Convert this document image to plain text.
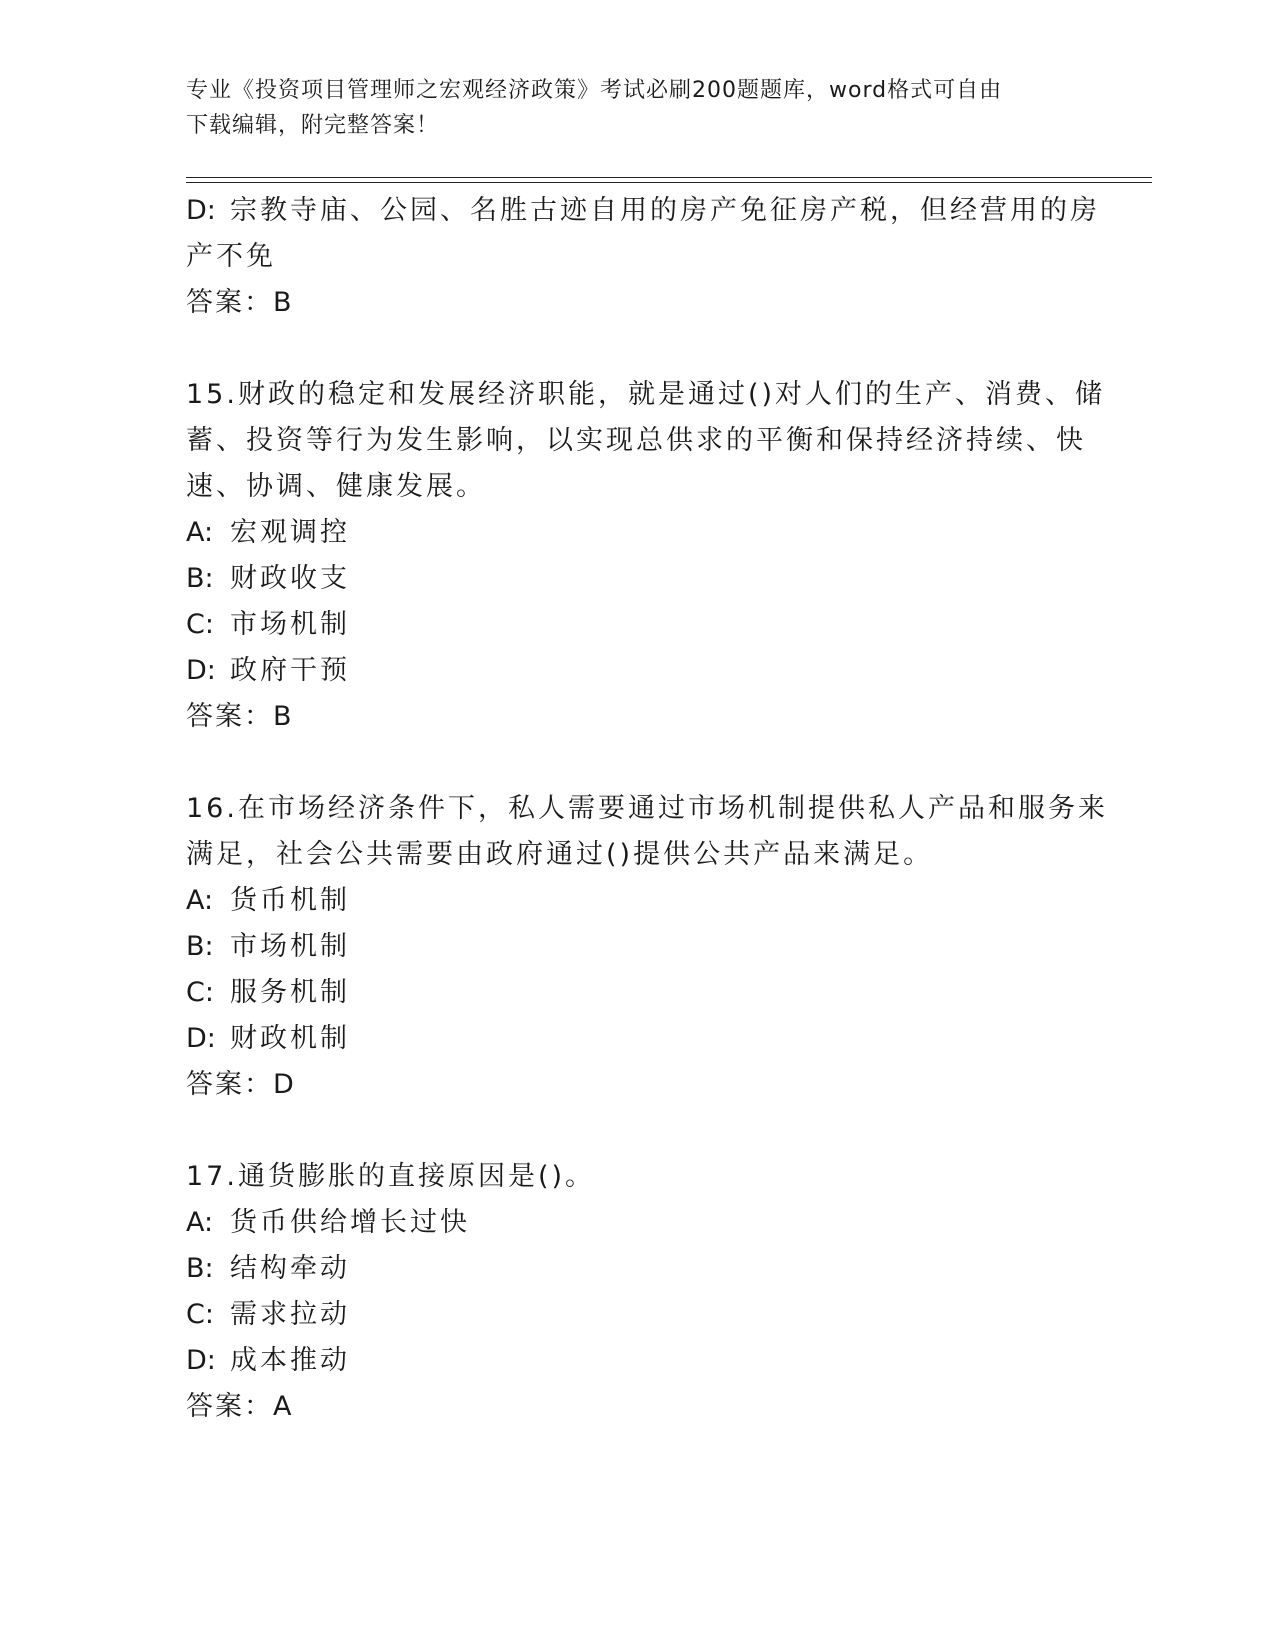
专业《投资项目管理师之宏观经济政策》考试必刷200题题库，word格式可自由
下载编辑，附完整答案！
D: 宗教寺庙、公园、名胜古迹自用的房产免征房产税，但经营用的房
产不免
答案：B
15.财政的稳定和发展经济职能，就是通过()对人们的生产、消费、储
蓄、投资等行为发生影响，以实现总供求的平衡和保持经济持续、快
速、协调、健康发展。
A: 宏观调控
B: 财政收支
C: 市场机制
D: 政府干预
答案：B
16.在市场经济条件下，私人需要通过市场机制提供私人产品和服务来
满足，社会公共需要由政府通过()提供公共产品来满足。
A: 货币机制
B: 市场机制
C: 服务机制
D: 财政机制
答案：D
17.通货膨胀的直接原因是()。
A: 货币供给增长过快
B: 结构牵动
C: 需求拉动
D: 成本推动
答案：A
